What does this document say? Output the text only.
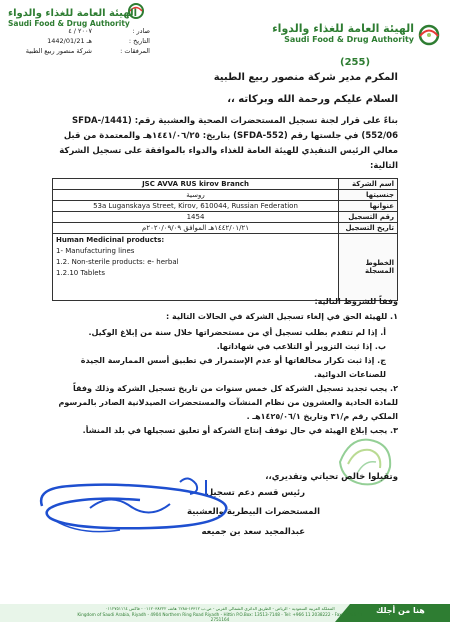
الهيئة العامة للغذاء والدواء
Saudi Food & Drug Authority
صادر :
التاريخ :
المرفقات :
٢٠٠٧ / ٤
1442/01/21 هـ
شركة منصور ربيع الطبية
الهيئة العامة للغذاء والدواء
Saudi Food & Drug Authority
(255)
المكرم مدير شركة منصور ربيع الطبية
السلام عليكم ورحمة الله وبركاته ،،
بناءً على قرار لجنة تسجيل المستحضرات الصحية والعشبية رقم: (1441/SFDA-552/06) في جلستها رقم (SFDA-552) بتاريخ: ١٤٤١/٠٦/٢٥هـ والمعتمدة من قبل معالي الرئيس التنفيذي للهيئة العامة للغذاء والدواء بالموافقة على تسجيل الشركة التالية:
JSC AVVA RUS kirov Branch	اسم الشركة
روسية	جنسيتها
53a Luganskaya Street, Kirov, 610044, Russian Federation	عنوانها
1454	رقم التسجيل
١٤٤٢/٠١/٢١هـ الموافق ٢٠٢٠/٠٩/٠٩م	تاريخ التسجيل

Human Medicinal products:
1- Manufacturing lines
1.2. Non-sterile products: e- herbal
1.2.10 Tablets	الخطوط المسجلة
وفقاً للشروط التالية:
١. للهيئة الحق في إلغاء تسجيل الشركة في الحالات التالية :

أ. إذا لم تتقدم بطلب تسجيل أي من مستحضراتها خلال سنة من إبلاغ الوكيل.

ب. إذا ثبت التزوير أو التلاعب في شهاداتها.

ج. إذا ثبت تكرار مخالفاتها أو عدم الإستمرار في تطبيق أسس الممارسة الجيدة للصناعات الدوائية.

٢. يجب تجديد تسجيل الشركة كل خمس سنوات من تاريخ تسجيل الشركة وذلك وفقاً للمادة الحادية والعشرون من نظام المنشآت والمستحضرات الصيدلانية الصادر بالمرسوم الملكي رقم م/٣١ وتاريخ ١٤٢٥/٠٦/١هـ .

٣. يجب إبلاغ الهيئة في حال توقف إنتاج الشركة أو تعليق تسجيلها في بلد المنشأ.

وتقبلوا خالص تحياتي وتقديري،،
رئيس قسم دعم تسجيل
المستحضرات البيطرية والعشبية
عبدالمجيد سعد بن جميعه
المملكة العربية السعودية - الرياض - الطريق الدائري الشمالي الغربي - ص.ب ١٣٣١٢-٦٢٨٨ هاتف ٠١١٢٠٣٨٢٢٢ - فاكس ٠١١٢٧٥١١٦٤
Kingdom of Saudi Arabia, Riyadh - 4904 Northern Ring Road Riyadh - Hittin P.O.Box: 13513-7148 - Tel: +966 11 2038222 - Fax: +966 11 2751164
هنا من أجلك
